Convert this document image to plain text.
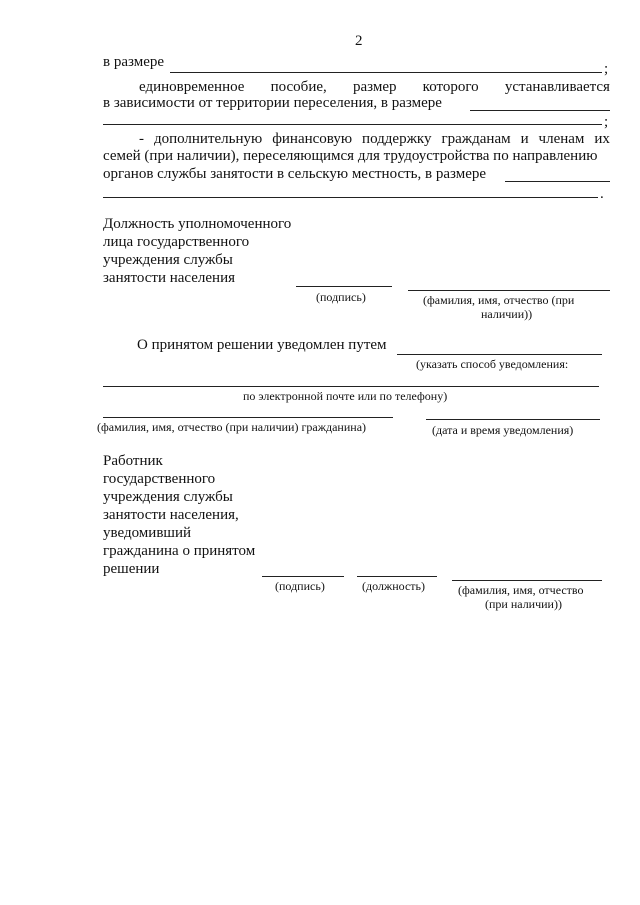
2
в размере	;
единовременное пособие, размер которого устанавливается
в зависимости от территории переселения, в размере
;
- дополнительную финансовую поддержку гражданам и членам их
семей (при наличии), переселяющимся для трудоустройства по направлению
органов службы занятости в сельскую местность, в размере
.
Должность уполномоченного
лица государственного
учреждения службы
занятости населения
(подпись)	(фамилия, имя, отчество (при
наличии))
О принятом решении уведомлен путем
(указать способ уведомления:
по электронной почте или по телефону)
(фамилия, имя, отчество (при наличии) гражданина)	(дата и время уведомления)
Работник
государственного
учреждения службы
занятости населения,
уведомивший
гражданина о принятом
решении
(подпись)	(должность)	(фамилия, имя, отчество
(при наличии))
